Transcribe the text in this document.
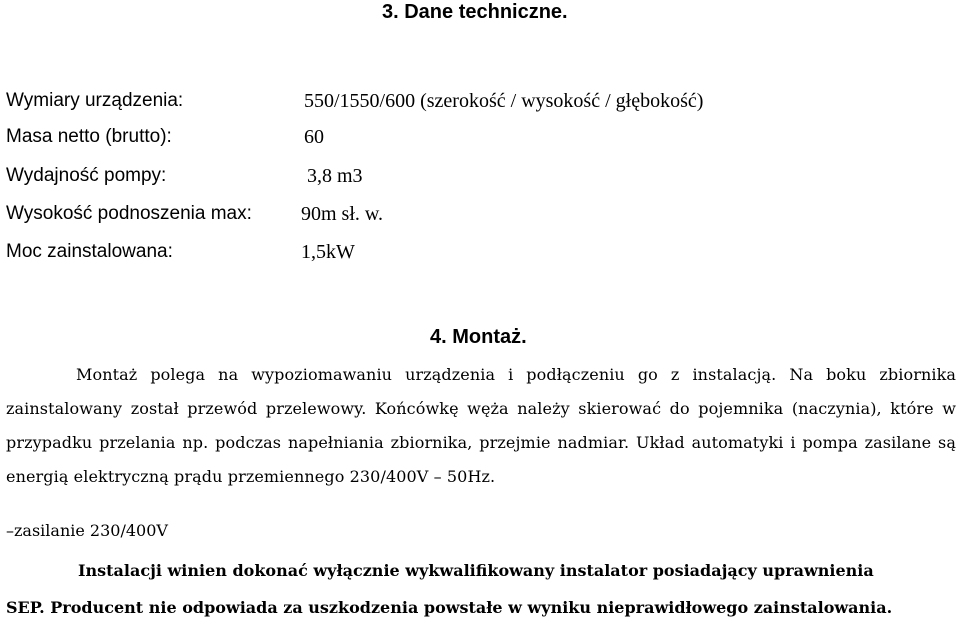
3. Dane techniczne.
Wymiary urządzenia:	550/1550/600 (szerokość / wysokość / głębokość)
Masa netto (brutto):	60
Wydajność pompy:	3,8 m3
Wysokość podnoszenia max: 90m sł. w.
Moc zainstalowana:	1,5kW
4. Montaż.
Montaż polega na wypoziomawaniu urządzenia i podłączeniu go z instalacją. Na boku zbiornika zainstalowany został przewód przelewowy. Końcówkę węża należy skierować do pojemnika (naczynia), które w przypadku przelania np. podczas napełniania zbiornika, przejmie nadmiar. Układ automatyki i pompa zasilane są energią elektryczną prądu przemiennego 230/400V – 50Hz.
–zasilanie 230/400V
Instalacji winien dokonać wyłącznie wykwalifikowany instalator posiadający uprawnienia
SEP. Producent nie odpowiada za uszkodzenia powstałe w wyniku nieprawidłowego zainstalowania.
